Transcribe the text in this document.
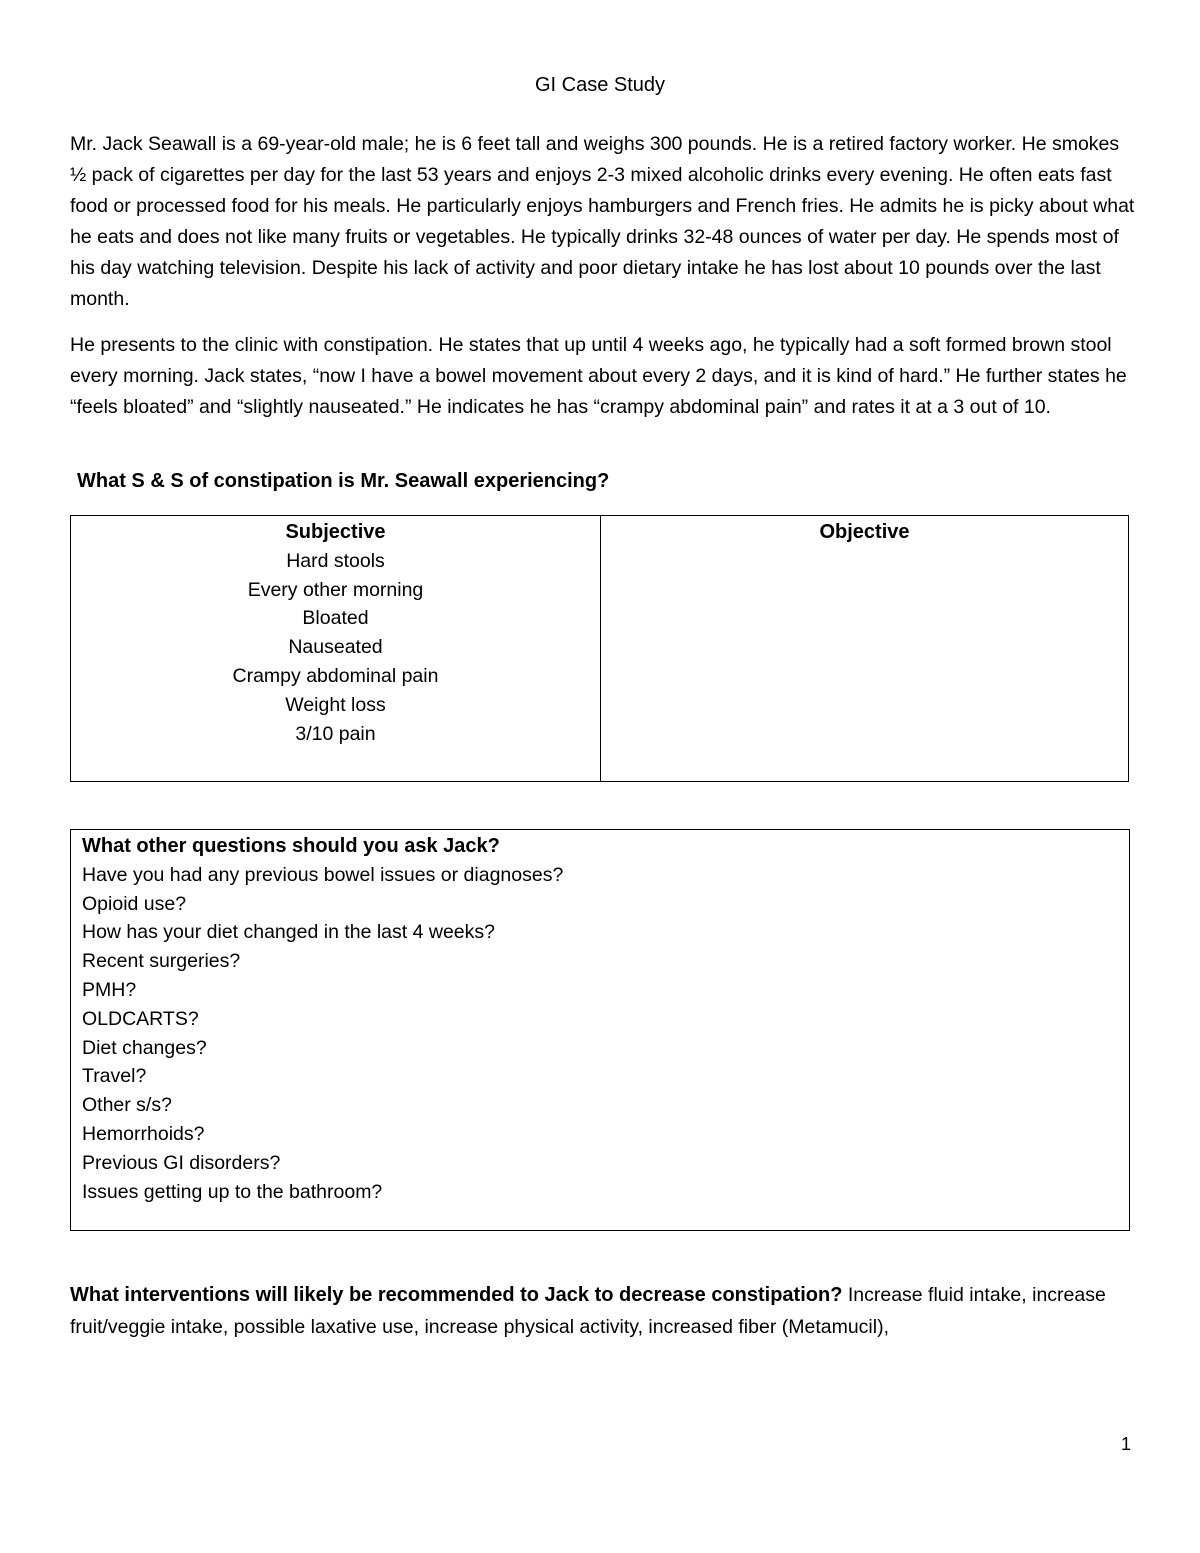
GI Case Study
Mr. Jack Seawall is a 69-year-old male; he is 6 feet tall and weighs 300 pounds. He is a retired factory worker. He smokes ½ pack of cigarettes per day for the last 53 years and enjoys 2-3 mixed alcoholic drinks every evening. He often eats fast food or processed food for his meals. He particularly enjoys hamburgers and French fries. He admits he is picky about what he eats and does not like many fruits or vegetables. He typically drinks 32-48 ounces of water per day. He spends most of his day watching television. Despite his lack of activity and poor dietary intake he has lost about 10 pounds over the last month.
He presents to the clinic with constipation. He states that up until 4 weeks ago, he typically had a soft formed brown stool every morning. Jack states, “now I have a bowel movement about every 2 days, and it is kind of hard.” He further states he “feels bloated” and “slightly nauseated.” He indicates he has “crampy abdominal pain” and rates it at a 3 out of 10.
What S & S of constipation is Mr. Seawall experiencing?
Subjective
Hard stools
Every other morning
Bloated
Nauseated
Crampy abdominal pain
Weight loss
3/10 pain
Objective
What other questions should you ask Jack?
Have you had any previous bowel issues or diagnoses?
Opioid use?
How has your diet changed in the last 4 weeks?
Recent surgeries?
PMH?
OLDCARTS?
Diet changes?
Travel?
Other s/s?
Hemorrhoids?
Previous GI disorders?
Issues getting up to the bathroom?
What interventions will likely be recommended to Jack to decrease constipation? Increase fluid intake, increase fruit/veggie intake, possible laxative use, increase physical activity, increased fiber (Metamucil),
1
